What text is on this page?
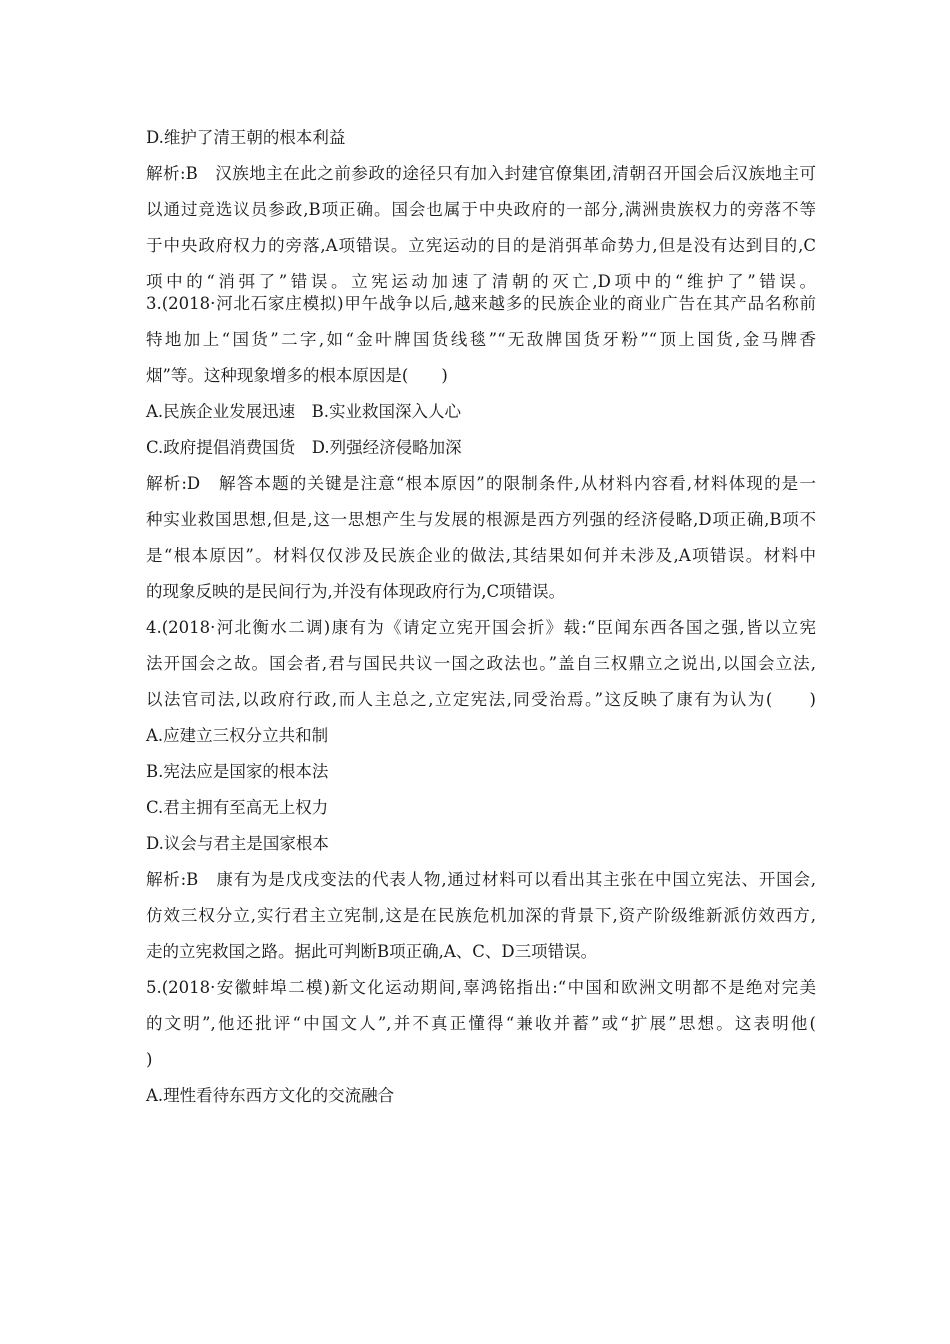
D.维护了清王朝的根本利益
解析:B　汉族地主在此之前参政的途径只有加入封建官僚集团,清朝召开国会后汉族地主可
以通过竞选议员参政,B项正确。国会也属于中央政府的一部分,满洲贵族权力的旁落不等
于中央政府权力的旁落,A项错误。立宪运动的目的是消弭革命势力,但是没有达到目的,C
项中的“消弭了”错误。立宪运动加速了清朝的灭亡,D项中的“维护了”错误。
3.(2018·河北石家庄模拟)甲午战争以后,越来越多的民族企业的商业广告在其产品名称前
特地加上“国货”二字,如“金叶牌国货线毯”“无敌牌国货牙粉”“顶上国货,金马牌香
烟”等。这种现象增多的根本原因是(　　)
A.民族企业发展迅速　B.实业救国深入人心
C.政府提倡消费国货　D.列强经济侵略加深
解析:D　解答本题的关键是注意“根本原因”的限制条件,从材料内容看,材料体现的是一
种实业救国思想,但是,这一思想产生与发展的根源是西方列强的经济侵略,D项正确,B项不
是“根本原因”。材料仅仅涉及民族企业的做法,其结果如何并未涉及,A项错误。材料中
的现象反映的是民间行为,并没有体现政府行为,C项错误。
4.(2018·河北衡水二调)康有为《请定立宪开国会折》载:“臣闻东西各国之强,皆以立宪
法开国会之故。国会者,君与国民共议一国之政法也。”盖自三权鼎立之说出,以国会立法,
以法官司法,以政府行政,而人主总之,立定宪法,同受治焉。”这反映了康有为认为(　　)
A.应建立三权分立共和制
B.宪法应是国家的根本法
C.君主拥有至高无上权力
D.议会与君主是国家根本
解析:B　康有为是戊戌变法的代表人物,通过材料可以看出其主张在中国立宪法、开国会,
仿效三权分立,实行君主立宪制,这是在民族危机加深的背景下,资产阶级维新派仿效西方,
走的立宪救国之路。据此可判断B项正确,A、C、D三项错误。
5.(2018·安徽蚌埠二模)新文化运动期间,辜鸿铭指出:“中国和欧洲文明都不是绝对完美
的文明”,他还批评“中国文人”,并不真正懂得“兼收并蓄”或“扩展”思想。这表明他(
)
A.理性看待东西方文化的交流融合
